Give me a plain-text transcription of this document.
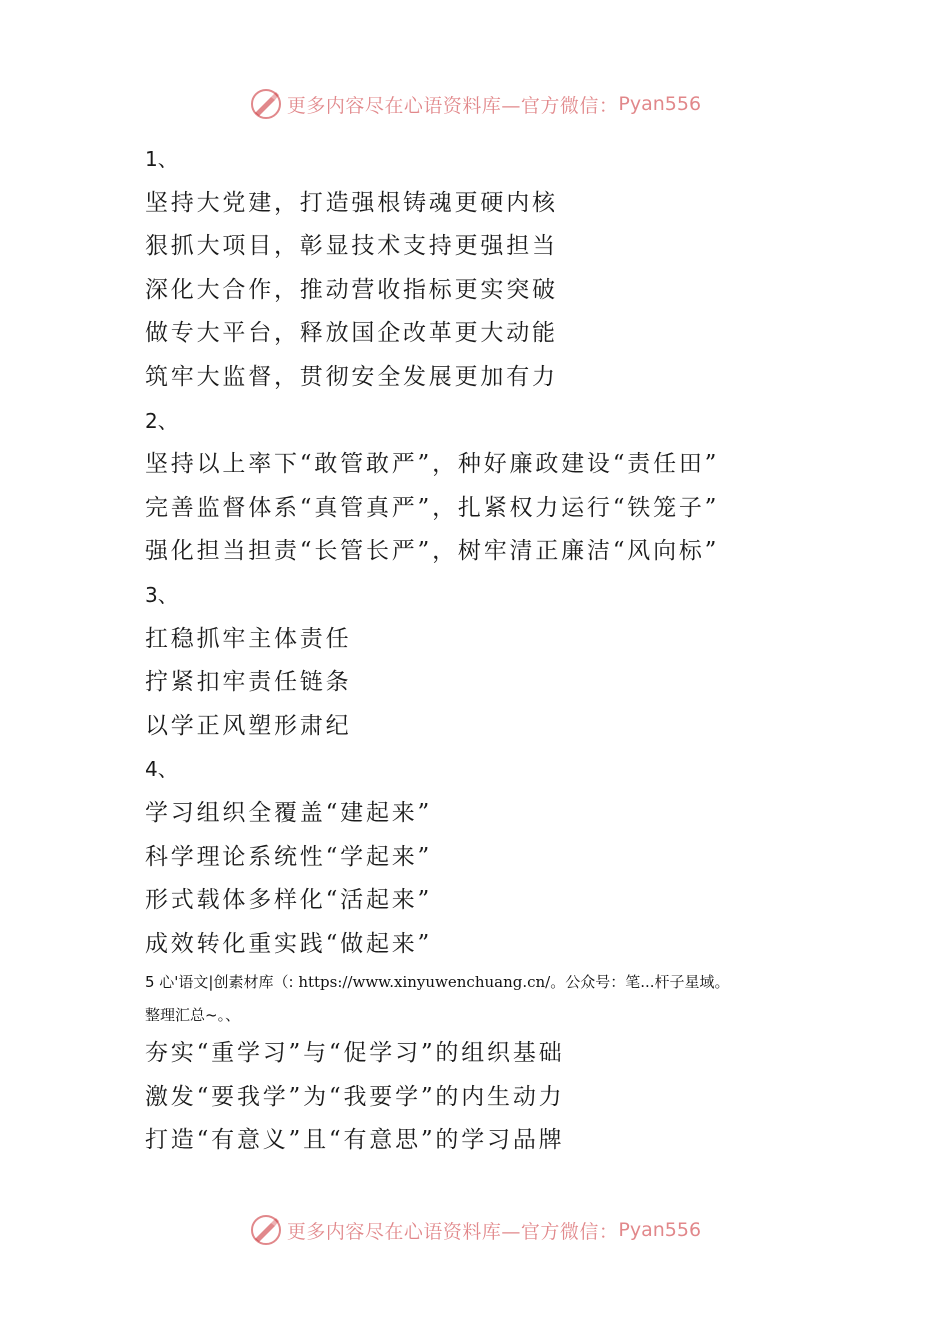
更多内容尽在心语资料库—官方微信： Pyan556
1、
坚持大党建，打造强根铸魂更硬内核
狠抓大项目，彰显技术支持更强担当
深化大合作，推动营收指标更实突破
做专大平台，释放国企改革更大动能
筑牢大监督，贯彻安全发展更加有力
2、
坚持以上率下“敢管敢严”，种好廉政建设“责任田”
完善监督体系“真管真严”，扎紧权力运行“铁笼子”
强化担当担责“长管长严”，树牢清正廉洁“风向标”
3、
扛稳抓牢主体责任
拧紧扣牢责任链条
以学正风塑形肃纪
4、
学习组织全覆盖“建起来”
科学理论系统性“学起来”
形式载体多样化“活起来”
成效转化重实践“做起来”
5 心'语文|创素材库（: https://www.xinyuwenchuang.cn/。公众号：笔...杆子星域。
整理汇总~。、
夯实“重学习”与“促学习”的组织基础
激发“要我学”为“我要学”的内生动力
打造“有意义”且“有意思”的学习品牌
更多内容尽在心语资料库—官方微信： Pyan556
